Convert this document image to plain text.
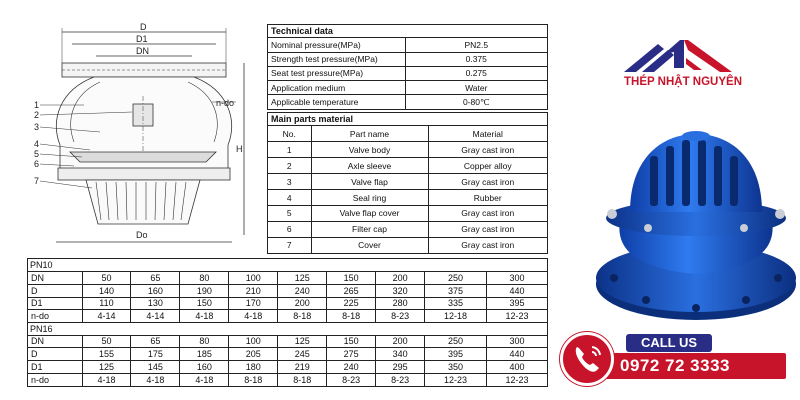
D
D1
DN
n-do
H
Do
1
2
3
4
5
6
7
Technical data
Nominal pressure(MPa)	PN2.5
Strength test pressure(MPa)	0.375
Seat test pressure(MPa)	0.275
Application medium	Water
Applicable temperature	0-80℃
Main parts material
No.	Part name	Material
1	Valve body	Gray cast iron
2	Axle sleeve	Copper alloy
3	Valve flap	Gray cast iron
4	Seal ring	Rubber
5	Valve flap cover	Gray cast iron
6	Filter cap	Gray cast iron
7	Cover	Gray cast iron
PN10									
DN	50	65	80	100	125	150	200	250	300
D	140	160	190	210	240	265	320	375	440
D1	110	130	150	170	200	225	280	335	395
n-do	4-14	4-14	4-18	4-18	8-18	8-18	8-23	12-18	12-23
PN16									
DN	50	65	80	100	125	150	200	250	300
D	155	175	185	205	245	275	340	395	440
D1	125	145	160	180	219	240	295	350	400
n-do	4-18	4-18	4-18	8-18	8-18	8-23	8-23	12-23	12-23
THÉP NHẬT NGUYÊN
CALL US
0972 72 3333
